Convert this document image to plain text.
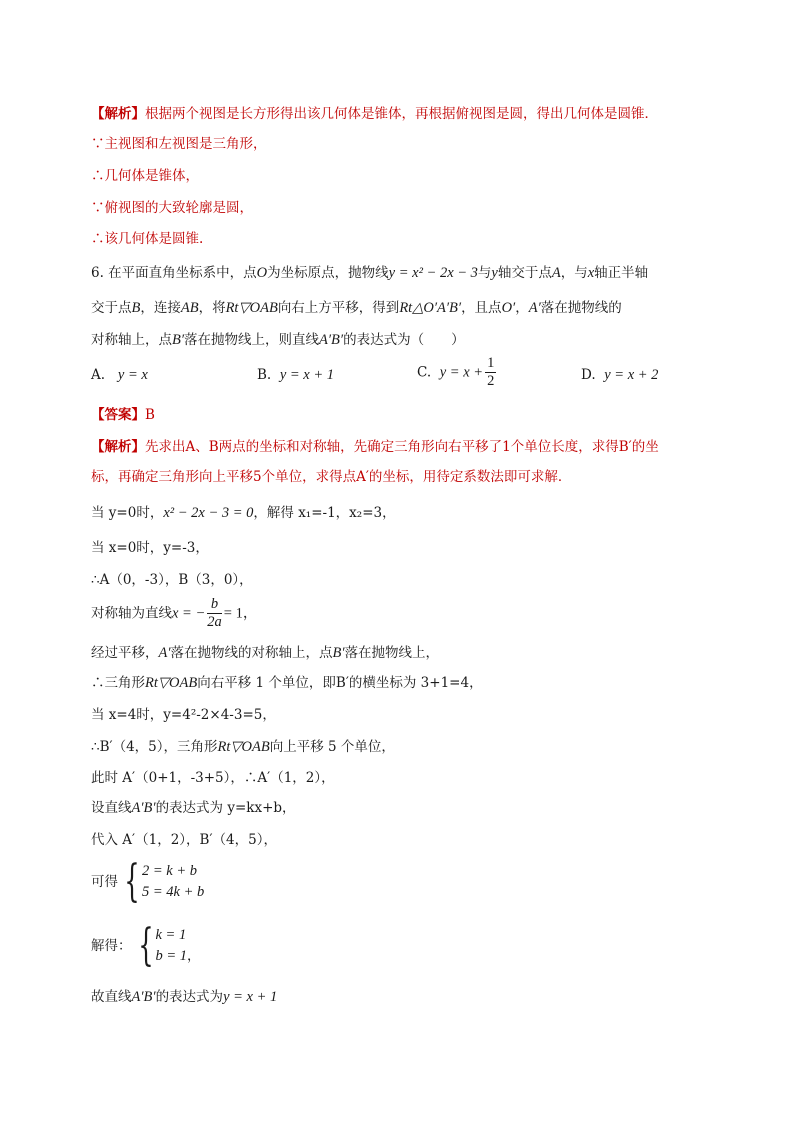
【解析】根据两个视图是长方形得出该几何体是锥体，再根据俯视图是圆，得出几何体是圆锥．
∵主视图和左视图是三角形，
∴几何体是锥体，
∵俯视图的大致轮廓是圆，
∴该几何体是圆锥.
6. 在平面直角坐标系中，点O为坐标原点，抛物线y = x² − 2x − 3与y轴交于点A，与x轴正半轴
交于点B，连接AB，将Rt▽OAB向右上方平移，得到Rt△O′A′B′，且点O′，A′落在抛物线的
对称轴上，点B′落在抛物线上，则直线A′B′的表达式为（　　）
A. y = x	B. y = x + 1	C. $y = x + \frac{1}{2}$	D. y = x + 2
【答案】B
【解析】先求出A、B两点的坐标和对称轴，先确定三角形向右平移了1个单位长度，求得B′的坐
标，再确定三角形向上平移5个单位，求得点A′的坐标，用待定系数法即可求解．
当 y=0时，x² − 2x − 3 = 0，解得 x₁=-1，x₂=3，
当 x=0时，y=-3，
∴A（0，-3），B（3，0），
对称轴为直线x = − $\frac{b}{2a} = 1$，
经过平移，A′落在抛物线的对称轴上，点B′落在抛物线上，
∴三角形Rt▽OAB向右平移 1 个单位，即B′的横坐标为 3+1=4，
当 x=4时，y=4²-2×4-3=5，
∴B′（4，5），三角形Rt▽OAB向上平移 5 个单位，
此时 A′（0+1，-3+5），∴A′（1，2），
设直线A′B′的表达式为 y=kx+b，
代入 A′（1，2），B′（4，5），
可得 { 2 = k + b
5 = 4k + b
解得： { k = 1
b = 1 ，
故直线A′B′的表达式为y = x + 1
